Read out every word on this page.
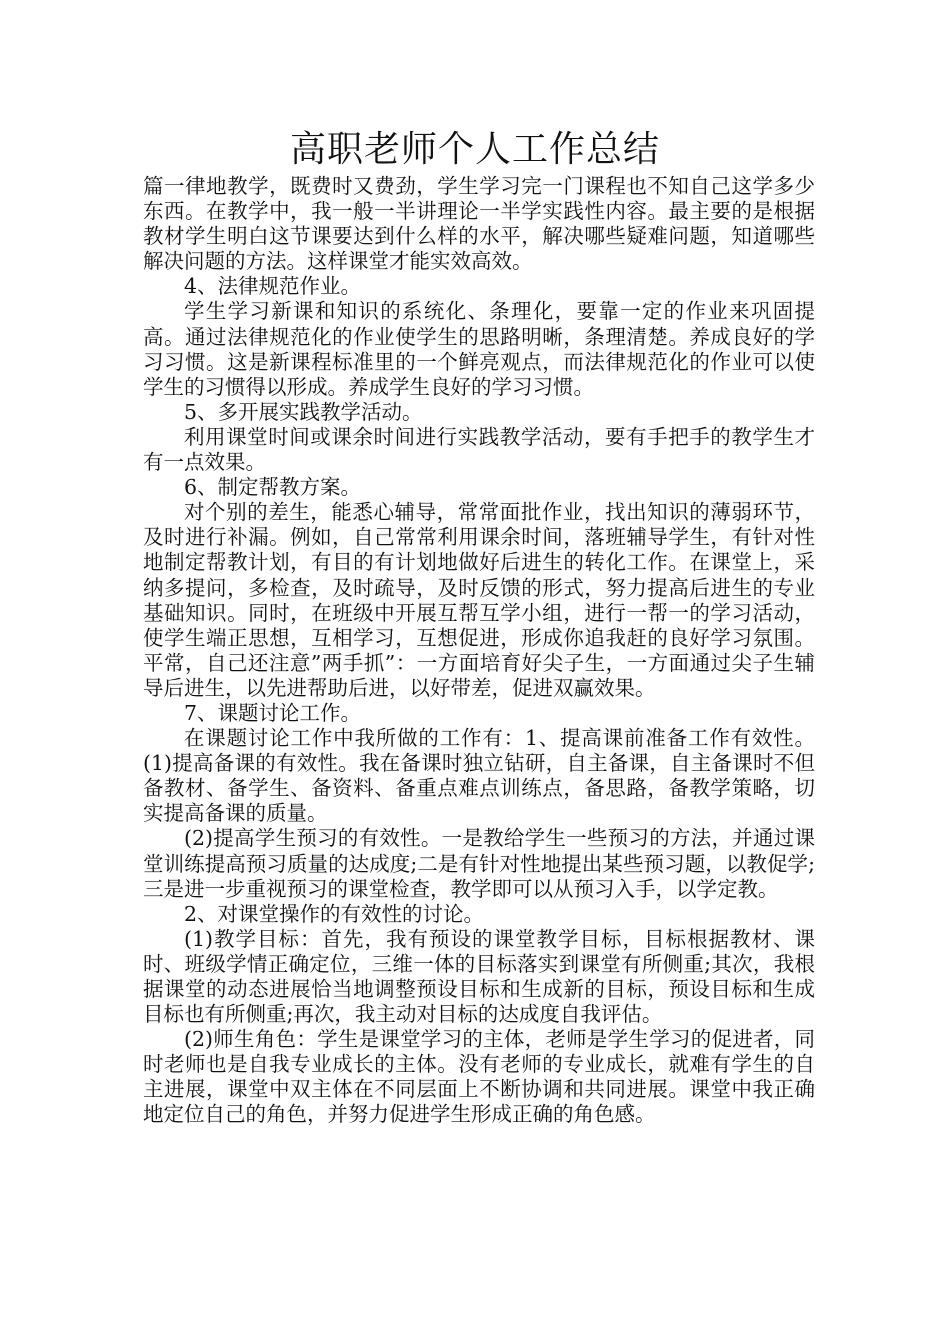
高职老师个人工作总结

篇一律地教学，既费时又费劲，学生学习完一门课程也不知自己这学多少东西。在教学中，我一般一半讲理论一半学实践性内容。最主要的是根据教材学生明白这节课要达到什么样的水平，解决哪些疑难问题，知道哪些解决问题的方法。这样课堂才能实效高效。

4、法律规范作业。

学生学习新课和知识的系统化、条理化，要靠一定的作业来巩固提高。通过法律规范化的作业使学生的思路明晰，条理清楚。养成良好的学习习惯。这是新课程标准里的一个鲜亮观点，而法律规范化的作业可以使学生的习惯得以形成。养成学生良好的学习习惯。

5、多开展实践教学活动。

利用课堂时间或课余时间进行实践教学活动，要有手把手的教学生才有一点效果。

6、制定帮教方案。

对个别的差生，能悉心辅导，常常面批作业，找出知识的薄弱环节，及时进行补漏。例如，自己常常利用课余时间，落班辅导学生，有针对性地制定帮教计划，有目的有计划地做好后进生的转化工作。在课堂上，采纳多提问，多检查，及时疏导，及时反馈的形式，努力提高后进生的专业基础知识。同时，在班级中开展互帮互学小组，进行一帮一的学习活动，使学生端正思想，互相学习，互想促进，形成你追我赶的良好学习氛围。平常，自己还注意”两手抓”：一方面培育好尖子生，一方面通过尖子生辅导后进生，以先进帮助后进，以好带差，促进双赢效果。

7、课题讨论工作。

在课题讨论工作中我所做的工作有：1、提高课前准备工作有效性。(1)提高备课的有效性。我在备课时独立钻研，自主备课，自主备课时不但备教材、备学生、备资料、备重点难点训练点，备思路，备教学策略，切实提高备课的质量。

(2)提高学生预习的有效性。一是教给学生一些预习的方法，并通过课堂训练提高预习质量的达成度;二是有针对性地提出某些预习题，以教促学;三是进一步重视预习的课堂检查，教学即可以从预习入手，以学定教。

2、对课堂操作的有效性的讨论。

(1)教学目标：首先，我有预设的课堂教学目标，目标根据教材、课时、班级学情正确定位，三维一体的目标落实到课堂有所侧重;其次，我根据课堂的动态进展恰当地调整预设目标和生成新的目标，预设目标和生成目标也有所侧重;再次，我主动对目标的达成度自我评估。

(2)师生角色：学生是课堂学习的主体，老师是学生学习的促进者，同时老师也是自我专业成长的主体。没有老师的专业成长，就难有学生的自主进展，课堂中双主体在不同层面上不断协调和共同进展。课堂中我正确地定位自己的角色，并努力促进学生形成正确的角色感。
